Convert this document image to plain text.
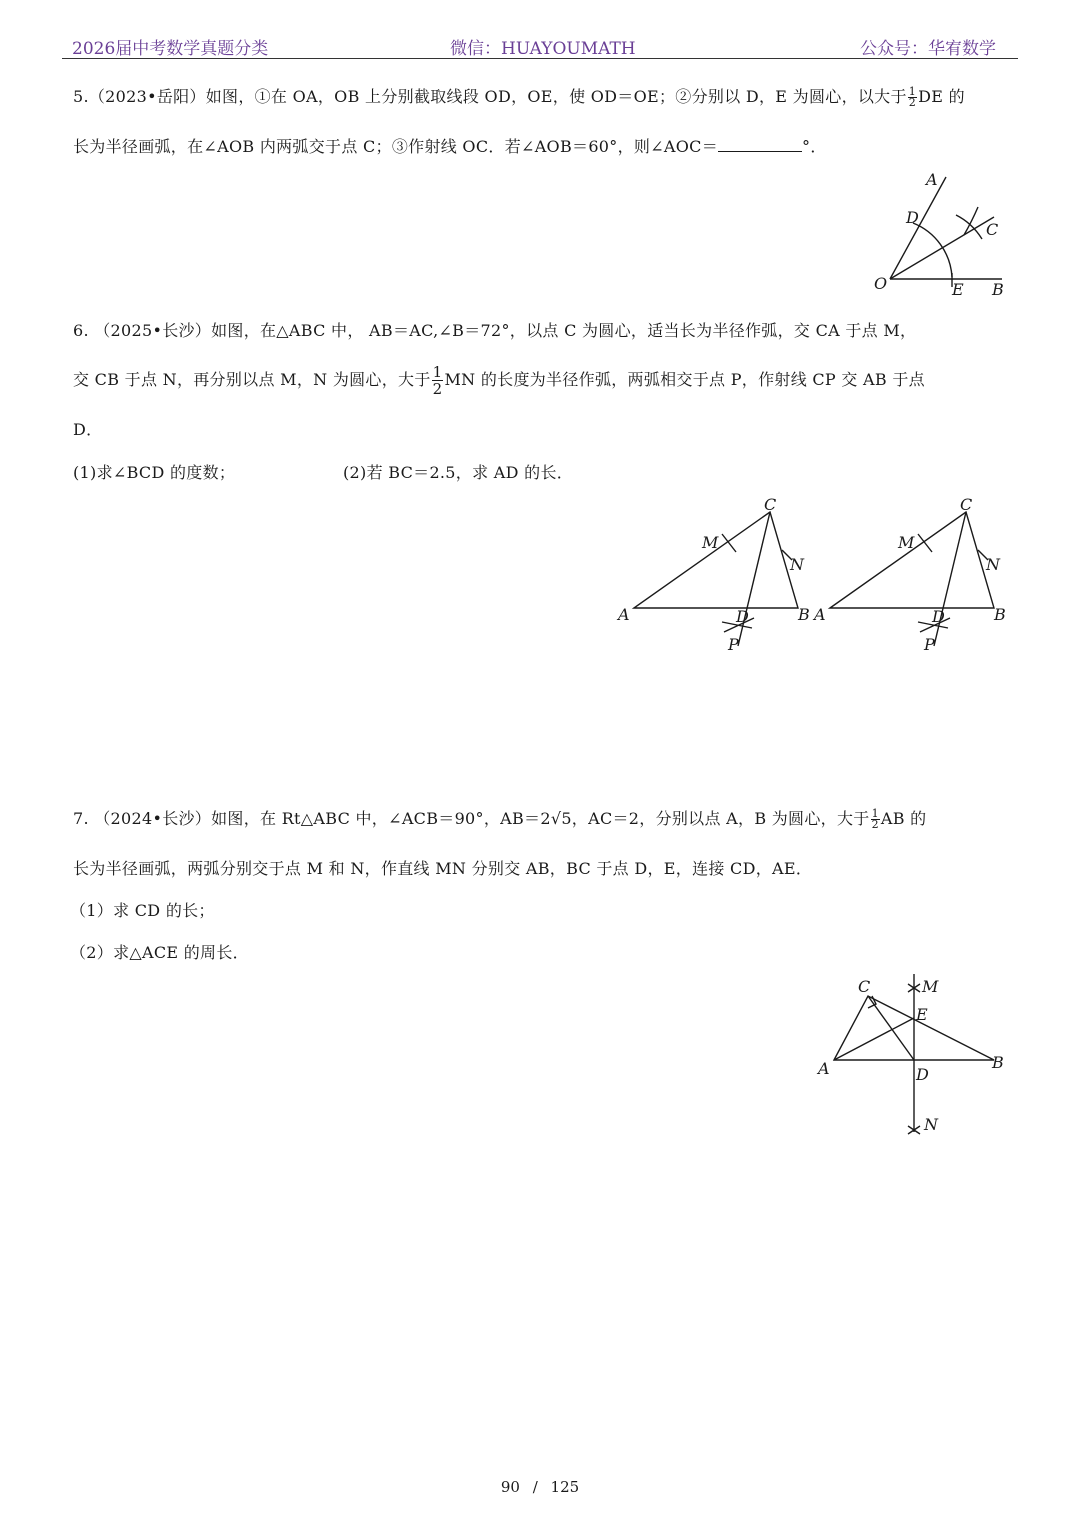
2026届中考数学真题分类	微信：HUAYOUMATH	公众号：华宥数学
5.（2023•岳阳）如图，①在 OA，OB 上分别截取线段 OD，OE，使 OD＝OE；②分别以 D，E 为圆心，以大于 $\frac{1}{2}$ DE 的
长为半径画弧，在∠AOB 内两弧交于点 C；③作射线 OC．若∠AOB＝60°，则∠AOC＝	°．
A
D
C
O	E B
6. （2025•长沙）如图，在△ABC 中， AB＝AC,∠B＝72°，以点 C 为圆心，适当长为半径作弧，交 CA 于点 M，
交 CB 于点 N，再分别以点 M，N 为圆心，大于 $\frac{1}{2}$ MN 的长度为半径作弧，两弧相交于点 P，作射线 CP 交 AB 于点
D．
(1)求∠BCD 的度数；	(2)若 BC＝2.5，求 AD 的长．
A	B
C
M
N
D
P
A	B
C
M
N
D
P
7. （2024•长沙）如图，在 Rt△ABC 中，∠ACB＝90°，AB＝2√5，AC＝2，分别以点 A，B 为圆心，大于 $\frac{1}{2}$ AB 的
长为半径画弧，两弧分别交于点 M 和 N，作直线 MN 分别交 AB，BC 于点 D，E，连接 CD，AE．
（1）求 CD 的长；
（2）求△ACE 的周长．
C	M
E
A	D
B
N
90 / 125
